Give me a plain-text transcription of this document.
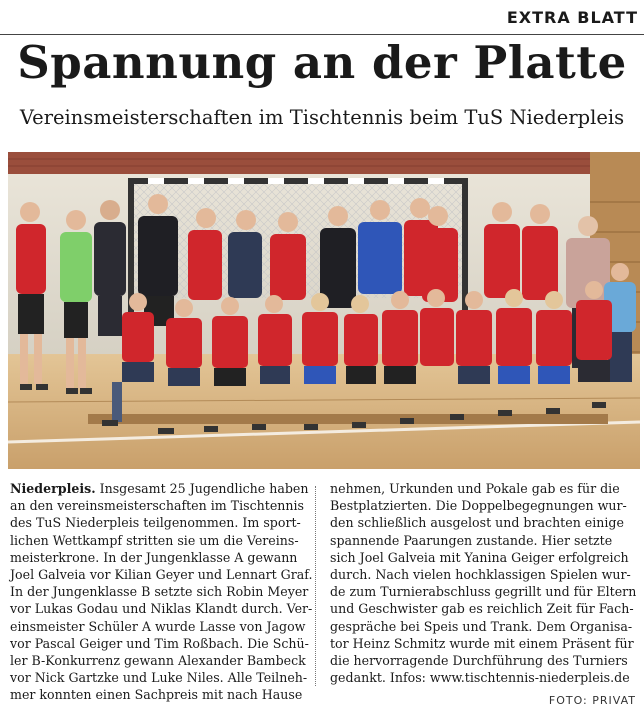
EXTRA BLATT
Spannung an der Platte
Vereinsmeisterschaften im Tischtennis beim TuS Niederpleis

Niederpleis. Insgesamt 25 Jugendliche haben

an den vereinsmeisterschaften im Tischtennis

des TuS Niederpleis teilgenommen. Im sport-

lichen Wettkampf stritten sie um die Vereins-

meisterkrone. In der Jungenklasse A gewann

Joel Galveia vor Kilian Geyer und Lennart Graf.

In der Jungenklasse B setzte sich Robin Meyer

vor Lukas Godau und Niklas Klandt durch. Ver-

einsmeister Schüler A wurde Lasse von Jagow

vor Pascal Geiger und Tim Roßbach. Die Schü-

ler B-Konkurrenz gewann Alexander Bambeck

vor Nick Gartzke und Luke Niles. Alle Teilneh-

mer konnten einen Sachpreis mit nach Hause

nehmen, Urkunden und Pokale gab es für die

Bestplatzierten. Die Doppelbegegnungen wur-

den schließlich ausgelost und brachten einige

spannende Paarungen zustande. Hier setzte

sich Joel Galveia mit Yanina Geiger erfolgreich

durch. Nach vielen hochklassigen Spielen wur-

de zum Turnierabschluss gegrillt und für Eltern

und Geschwister gab es reichlich Zeit für Fach-

gespräche bei Speis und Trank. Dem Organisa-

tor Heinz Schmitz wurde mit einem Präsent für

die hervorragende Durchführung des Turniers

gedankt. Infos: www.tischtennis-niederpleis.de

FOTO: PRIVAT
